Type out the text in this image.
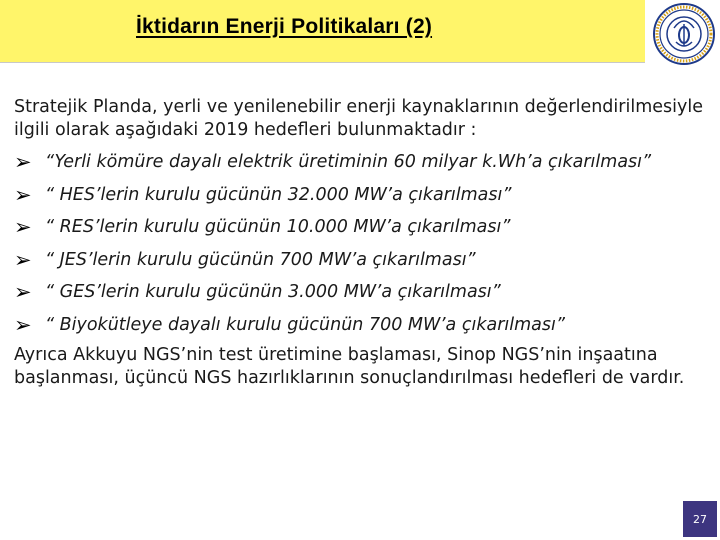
İktidarın Enerji Politikaları (2)

Stratejik Planda, yerli ve yenilenebilir enerji kaynaklarının değerlendirilmesiyle ilgili olarak aşağıdaki 2019 hedefleri bulunmaktadır :

➢ “Yerli kömüre dayalı elektrik üretiminin 60 milyar k.Wh’a çıkarılması”
➢ “ HES’lerin kurulu gücünün 32.000 MW’a çıkarılması”
➢ “ RES’lerin kurulu gücünün 10.000 MW’a çıkarılması”
➢ “ JES’lerin kurulu gücünün 700 MW’a çıkarılması”
➢ “ GES’lerin kurulu gücünün 3.000 MW’a çıkarılması”
➢ “ Biyokütleye dayalı kurulu gücünün 700 MW’a çıkarılması”

Ayrıca Akkuyu NGS’nin test üretimine başlaması, Sinop NGS’nin inşaatına başlanması, üçüncü NGS hazırlıklarının sonuçlandırılması hedefleri de vardır.

27
